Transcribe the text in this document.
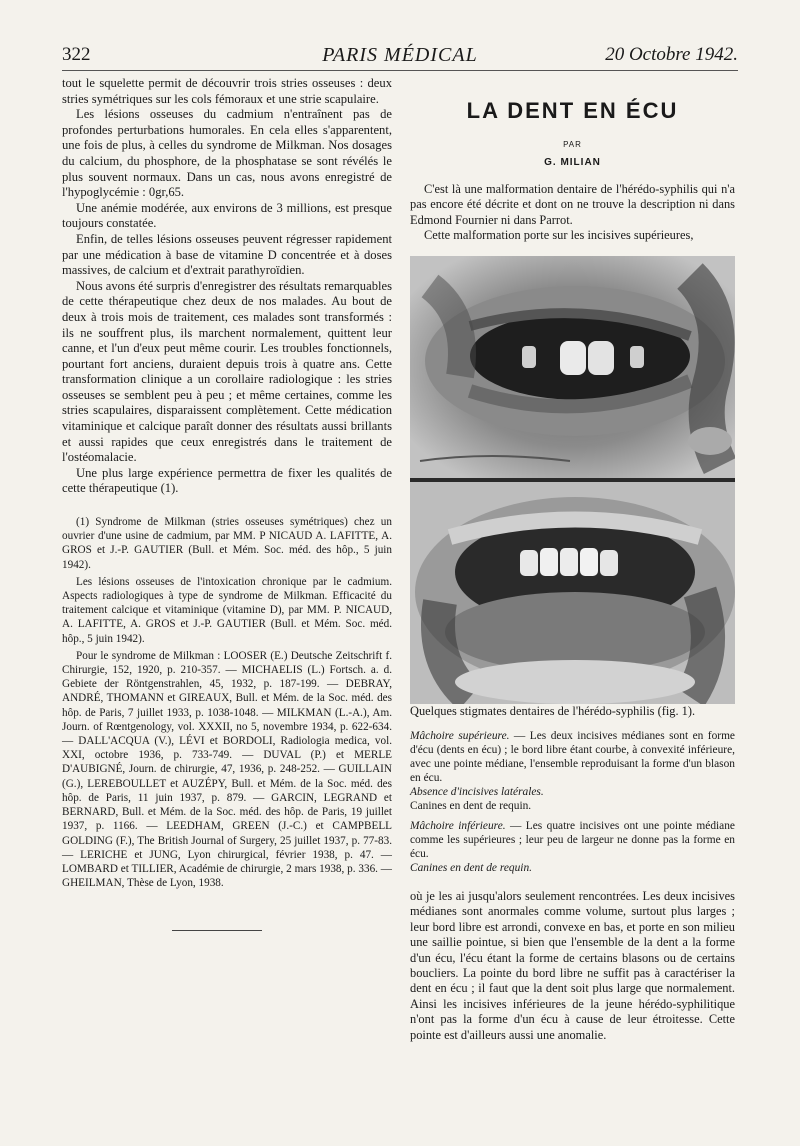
322	PARIS MÉDICAL	20 Octobre 1942.

tout le squelette permit de découvrir trois stries osseuses : deux stries symétriques sur les cols fémoraux et une strie scapulaire.

Les lésions osseuses du cadmium n'entraînent pas de profondes perturbations humorales. En cela elles s'apparentent, une fois de plus, à celles du syndrome de Milkman. Nos dosages du calcium, du phosphore, de la phosphatase se sont révélés le plus souvent normaux. Dans un cas, nous avons enregistré de l'hypoglycémie : 0gr,65.

Une anémie modérée, aux environs de 3 millions, est presque toujours constatée.

Enfin, de telles lésions osseuses peuvent régresser rapidement par une médication à base de vitamine D concentrée et à doses massives, de calcium et d'extrait parathyroïdien.

Nous avons été surpris d'enregistrer des résultats remarquables de cette thérapeutique chez deux de nos malades. Au bout de deux à trois mois de traitement, ces malades sont transformés : ils ne souffrent plus, ils marchent normalement, quittent leur canne, et l'un d'eux peut même courir. Les troubles fonctionnels, pourtant fort anciens, duraient depuis trois à quatre ans. Cette transformation clinique a un corollaire radiologique : les stries osseuses se semblent peu à peu ; et même certaines, comme les stries scapulaires, disparaissent complètement. Cette médication vitaminique et calcique paraît donner des résultats aussi brillants et aussi rapides que ceux enregistrés dans le traitement de l'ostéomalacie.

Une plus large expérience permettra de fixer les qualités de cette thérapeutique (1).

(1) Syndrome de Milkman (stries osseuses symétriques) chez un ouvrier d'une usine de cadmium, par MM. P NICAUD A. LAFITTE, A. GROS et J.-P. GAUTIER (Bull. et Mém. Soc. méd. des hôp., 5 juin 1942).

Les lésions osseuses de l'intoxication chronique par le cadmium. Aspects radiologiques à type de syndrome de Milkman. Efficacité du traitement calcique et vitaminique (vitamine D), par MM. P. NICAUD, A. LAFITTE, A. GROS et J.-P. GAUTIER (Bull. et Mém. Soc. méd. hôp., 5 juin 1942).

Pour le syndrome de Milkman : LOOSER (E.) Deutsche Zeitschrift f. Chirurgie, 152, 1920, p. 210-357. — MICHAELIS (L.) Fortsch. a. d. Gebiete der Röntgenstrahlen, 45, 1932, p. 187-199. — DEBRAY, ANDRÉ, THOMANN et GIREAUX, Bull. et Mém. de la Soc. méd. des hôp. de Paris, 7 juillet 1933, p. 1038-1048. — MILKMAN (L.-A.), Am. Journ. of Rœntgenology, vol. XXXII, no 5, novembre 1934, p. 622-634. — DALL'ACQUA (V.), LÉVI et BORDOLI, Radiologia medica, vol. XXI, octobre 1936, p. 733-749. — DUVAL (P.) et MERLE D'AUBIGNÉ, Journ. de chirurgie, 47, 1936, p. 248-252. — GUILLAIN (G.), LEREBOULLET et AUZÉPY, Bull. et Mém. de la Soc. méd. des hôp. de Paris, 11 juin 1937, p. 879. — GARCIN, LEGRAND et BERNARD, Bull. et Mém. de la Soc. méd. des hôp. de Paris, 19 juillet 1937, p. 1166. — LEEDHAM, GREEN (J.-C.) et CAMPBELL GOLDING (F.), The British Journal of Surgery, 25 juillet 1937, p. 77-83. — LERICHE et JUNG, Lyon chirurgical, février 1938, p. 47. — LOMBARD et TILLIER, Académie de chirurgie, 2 mars 1938, p. 336. — GHEILMAN, Thèse de Lyon, 1938.

LA DENT EN ÉCU
PAR
G. MILIAN

C'est là une malformation dentaire de l'hérédo-syphilis qui n'a pas encore été décrite et dont on ne trouve la description ni dans Edmond Fournier ni dans Parrot.

Cette malformation porte sur les incisives supérieures,

Quelques stigmates dentaires de l'hérédo-syphilis (fig. 1).

Mâchoire supérieure. — Les deux incisives médianes sont en forme d'écu (dents en écu) ; le bord libre étant courbe, à convexité inférieure, avec une pointe médiane, l'ensemble reproduisant la forme d'un blason en écu.

Absence d'incisives latérales.

Canines en dent de requin.

Mâchoire inférieure. — Les quatre incisives ont une pointe médiane comme les supérieures ; leur peu de largeur ne donne pas la forme en écu.

Canines en dent de requin.

où je les ai jusqu'alors seulement rencontrées. Les deux incisives médianes sont anormales comme volume, surtout plus larges ; leur bord libre est arrondi, convexe en bas, et porte en son milieu une saillie pointue, si bien que l'ensemble de la dent a la forme d'un écu, l'écu étant la forme de certains blasons ou de certains boucliers. La pointe du bord libre ne suffit pas à caractériser la dent en écu ; il faut que la dent soit plus large que normalement. Ainsi les incisives inférieures de la jeune hérédo-syphilitique n'ont pas la forme d'un écu à cause de leur étroitesse. Cette pointe est d'ailleurs aussi une anomalie.
